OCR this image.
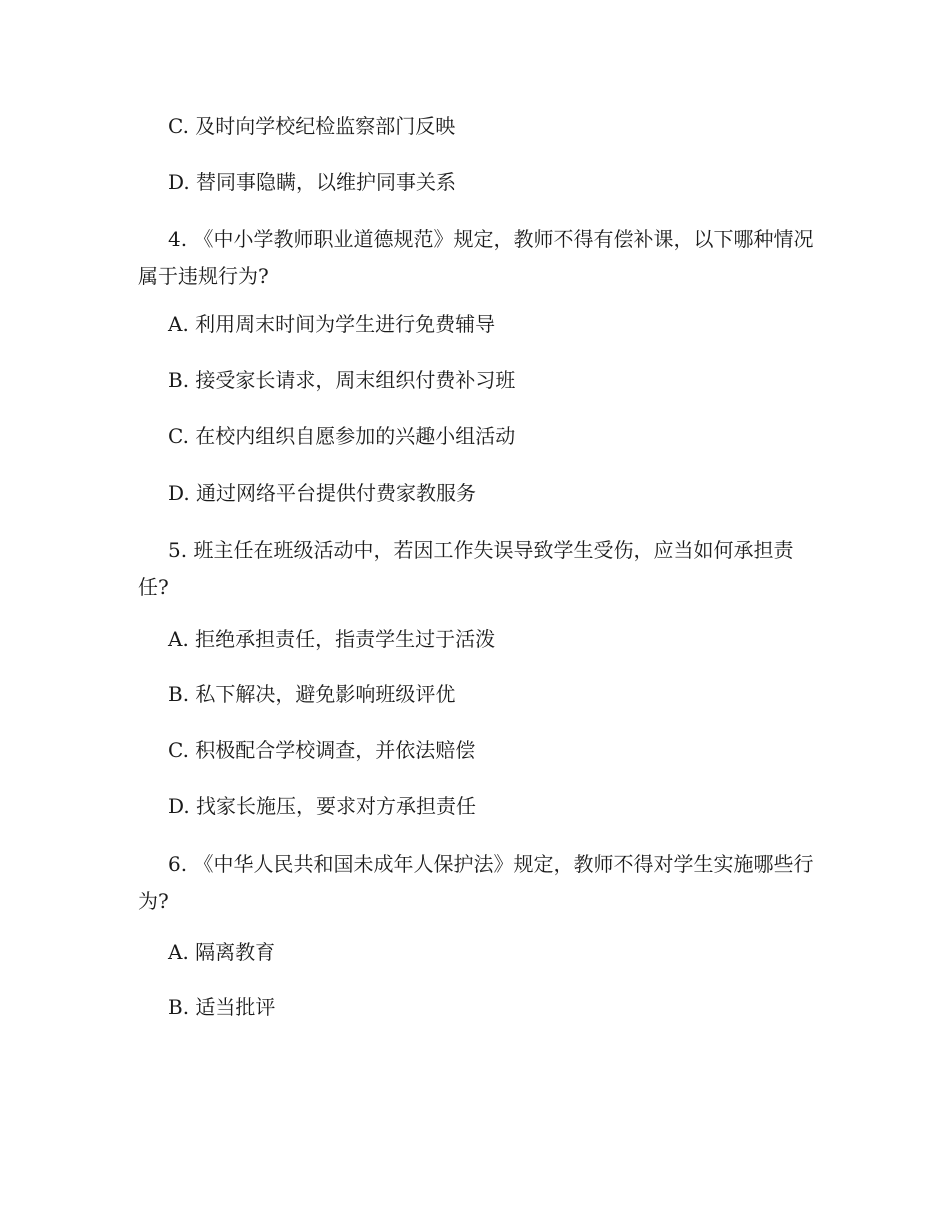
C. 及时向学校纪检监察部门反映
D. 替同事隐瞒，以维护同事关系
4. 《中小学教师职业道德规范》规定，教师不得有偿补课，以下哪种情况属于违规行为?
A. 利用周末时间为学生进行免费辅导
B. 接受家长请求，周末组织付费补习班
C. 在校内组织自愿参加的兴趣小组活动
D. 通过网络平台提供付费家教服务
5. 班主任在班级活动中，若因工作失误导致学生受伤，应当如何承担责任?
A. 拒绝承担责任，指责学生过于活泼
B. 私下解决，避免影响班级评优
C. 积极配合学校调查，并依法赔偿
D. 找家长施压，要求对方承担责任
6. 《中华人民共和国未成年人保护法》规定，教师不得对学生实施哪些行为?
A. 隔离教育
B. 适当批评
